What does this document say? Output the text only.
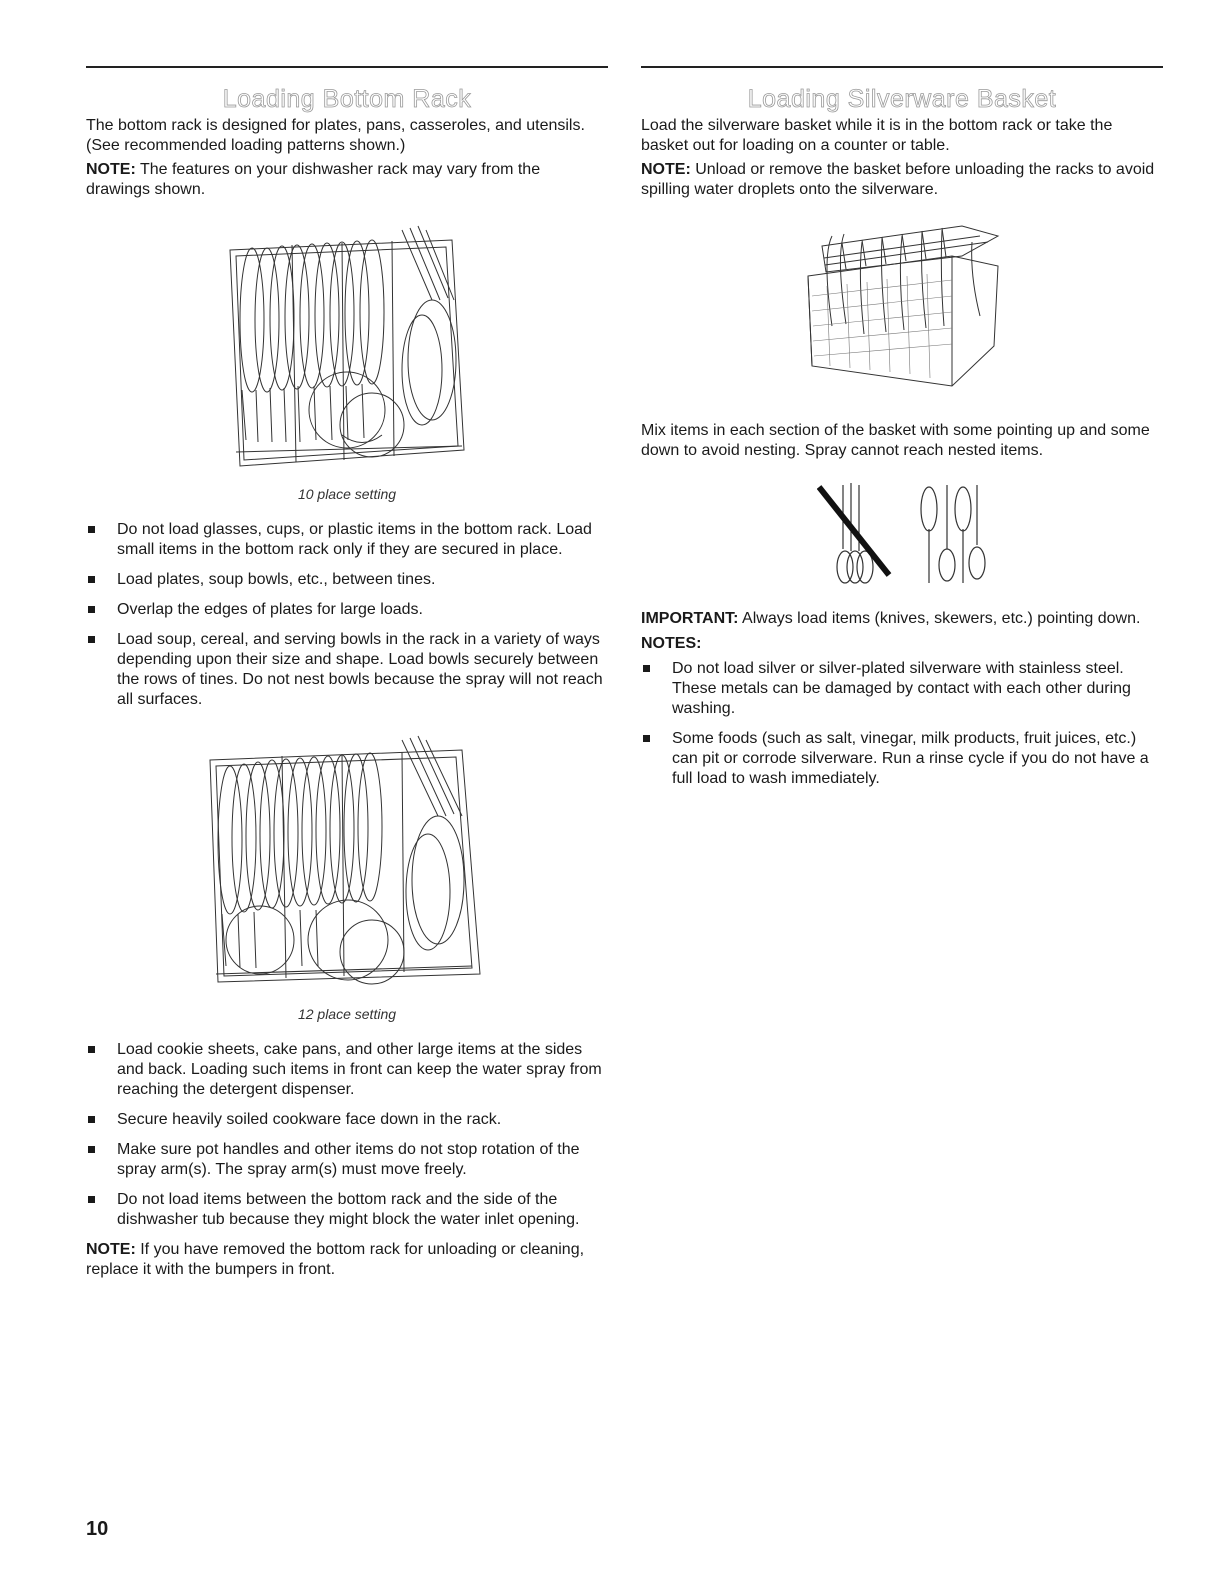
Loading Bottom Rack

The bottom rack is designed for plates, pans, casseroles, and utensils. (See recommended loading patterns shown.)

NOTE: The features on your dishwasher rack may vary from the drawings shown.

10 place setting
Do not load glasses, cups, or plastic items in the bottom rack. Load small items in the bottom rack only if they are secured in place.
Load plates, soup bowls, etc., between tines.
Overlap the edges of plates for large loads.
Load soup, cereal, and serving bowls in the rack in a variety of ways depending upon their size and shape. Load bowls securely between the rows of tines. Do not nest bowls because the spray will not reach all surfaces.
12 place setting
Load cookie sheets, cake pans, and other large items at the sides and back. Loading such items in front can keep the water spray from reaching the detergent dispenser.
Secure heavily soiled cookware face down in the rack.
Make sure pot handles and other items do not stop rotation of the spray arm(s). The spray arm(s) must move freely.
Do not load items between the bottom rack and the side of the dishwasher tub because they might block the water inlet opening.

NOTE: If you have removed the bottom rack for unloading or cleaning, replace it with the bumpers in front.

Loading Silverware Basket

Load the silverware basket while it is in the bottom rack or take the basket out for loading on a counter or table.

NOTE: Unload or remove the basket before unloading the racks to avoid spilling water droplets onto the silverware.

Mix items in each section of the basket with some pointing up and some down to avoid nesting. Spray cannot reach nested items.

IMPORTANT: Always load items (knives, skewers, etc.) pointing down.

NOTES:
Do not load silver or silver-plated silverware with stainless steel. These metals can be damaged by contact with each other during washing.
Some foods (such as salt, vinegar, milk products, fruit juices, etc.) can pit or corrode silverware. Run a rinse cycle if you do not have a full load to wash immediately.
10
